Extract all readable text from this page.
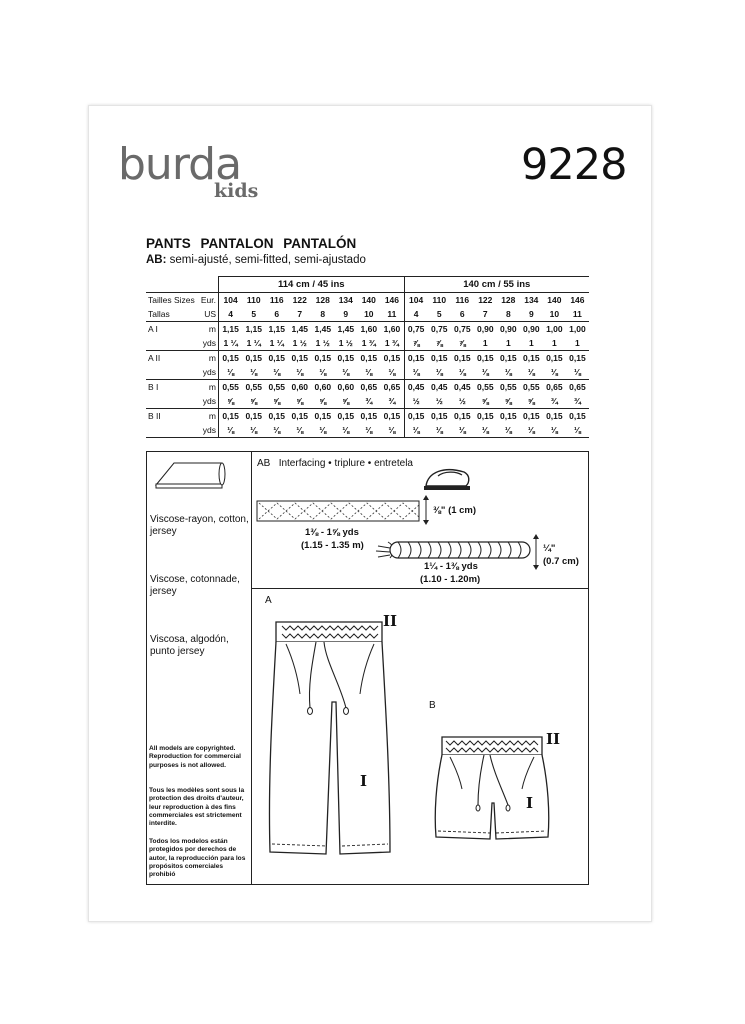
burda
kids
9228
PANTS PANTALON PANTALÓN
AB: semi-ajusté, semi-fitted, semi-ajustado
		114 cm / 45 ins								140 cm / 55 ins							
Tailles Sizes	Eur.	104	110	116	122	128	134	140	146	104	110	116	122	128	134	140	146
Tallas	US	4	5	6	7	8	9	10	11	4	5	6	7	8	9	10	11
A I	m	1,15	1,15	1,15	1,45	1,45	1,45	1,60	1,60	0,75	0,75	0,75	0,90	0,90	0,90	1,00	1,00
	yds	1 ¼	1 ¼	1 ¼	1 ½	1 ½	1 ½	1 ¾	1 ¾	⅞	⅞	⅞	1	1	1	1	1
A II	m	0,15	0,15	0,15	0,15	0,15	0,15	0,15	0,15	0,15	0,15	0,15	0,15	0,15	0,15	0,15	0,15
	yds	⅛	⅛	⅛	⅛	⅛	⅛	⅛	⅛	⅛	⅛	⅛	⅛	⅛	⅛	⅛	⅛
B I	m	0,55	0,55	0,55	0,60	0,60	0,60	0,65	0,65	0,45	0,45	0,45	0,55	0,55	0,55	0,65	0,65
	yds	⅝	⅝	⅝	⅝	⅝	⅝	¾	¾	½	½	½	⅝	⅝	⅝	¾	¾
B II	m	0,15	0,15	0,15	0,15	0,15	0,15	0,15	0,15	0,15	0,15	0,15	0,15	0,15	0,15	0,15	0,15
	yds	⅛	⅛	⅛	⅛	⅛	⅛	⅛	⅛	⅛	⅛	⅛	⅛	⅛	⅛	⅛	⅛
Viscose-rayon, cotton, jersey
Viscose, cotonnade, jersey
Viscosa, algodón, punto jersey
All models are copyrighted. Reproduction for commercial purposes is not allowed.
Tous les modèles sont sous la protection des droits d'auteur, leur reproduction à des fins commerciales est strictement interdite.
Todos los modelos están protegidos por derechos de autor, la reproducción para los propósitos comerciales prohibió
AB Interfacing • triplure • entretela
⅜" (1 cm)
1⅜ - 1⅝ yds
(1.15 - 1.35 m)	¼"
(0.7 cm)
1¼ - 1⅜ yds
(1.10 - 1.20m)
A
II
I
B
II
I
